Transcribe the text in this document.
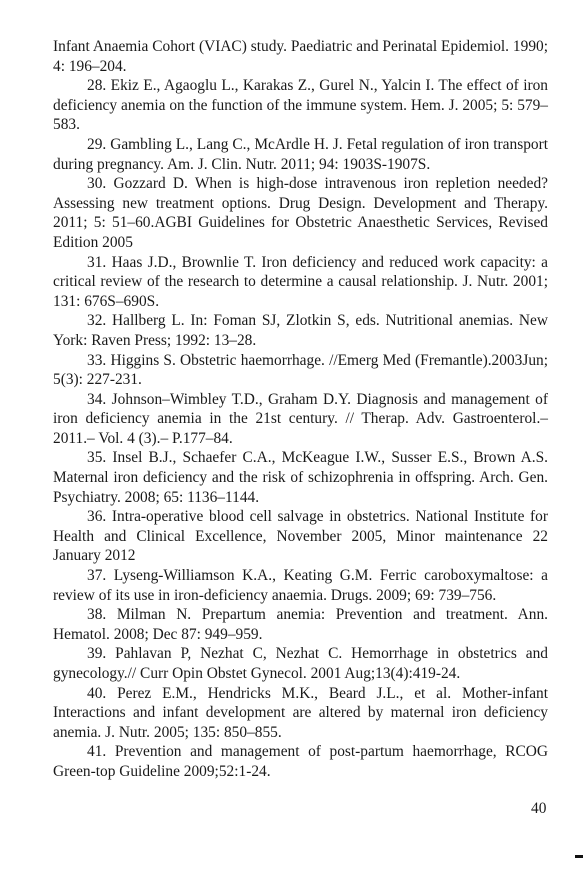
Infant Anaemia Cohort (VIAC) study. Paediatric and Perinatal Epidemiol. 1990; 4: 196–204.

28. Ekiz E., Agaoglu L., Karakas Z., Gurel N., Yalcin I. The effect of iron deficiency anemia on the function of the immune system. Hem. J. 2005; 5: 579–583.

29. Gambling L., Lang C., McArdle H. J. Fetal regulation of iron transport during pregnancy. Am. J. Clin. Nutr. 2011; 94: 1903S-1907S.

30. Gozzard D. When is high-dose intravenous iron repletion needed? Assessing new treatment options. Drug Design. Development and Therapy. 2011; 5: 51–60.AGBI Guidelines for Obstetric Anaesthetic Services, Revised Edition 2005

31. Haas J.D., Brownlie T. Iron deficiency and reduced work capacity: a critical review of the research to determine a causal relationship. J. Nutr. 2001; 131: 676S–690S.

32. Hallberg L. In: Foman SJ, Zlotkin S, eds. Nutritional anemias. New York: Raven Press; 1992: 13–28.

33. Higgins S. Obstetric haemorrhage. //Emerg Med (Fremantle).2003Jun; 5(3): 227-231.

34. Johnson–Wimbley T.D., Graham D.Y. Diagnosis and management of iron deficiency anemia in the 21st century. // Therap. Adv. Gastroenterol.– 2011.– Vol. 4 (3).– P.177–84.

35. Insel B.J., Schaefer C.A., McKeague I.W., Susser E.S., Brown A.S. Maternal iron deficiency and the risk of schizophrenia in offspring. Arch. Gen. Psychiatry. 2008; 65: 1136–1144.

36. Intra-operative blood cell salvage in obstetrics. National Institute for Health and Clinical Excellence, November 2005, Minor maintenance 22 January 2012

37. Lyseng-Williamson K.A., Keating G.M. Ferric caroboxymaltose: a review of its use in iron-deficiency anaemia. Drugs. 2009; 69: 739–756.

38. Milman N. Prepartum anemia: Prevention and treatment. Ann. Hematol. 2008; Dec 87: 949–959.

39. Pahlavan P, Nezhat C, Nezhat C. Hemorrhage in obstetrics and gynecology.// Curr Opin Obstet Gynecol. 2001 Aug;13(4):419-24.

40. Perez E.M., Hendricks M.K., Beard J.L., et al. Mother-infant Interactions and infant development are altered by maternal iron deficiency anemia. J. Nutr. 2005; 135: 850–855.

41. Prevention and management of post-partum haemorrhage, RCOG Green-top Guideline 2009;52:1-24.

40
